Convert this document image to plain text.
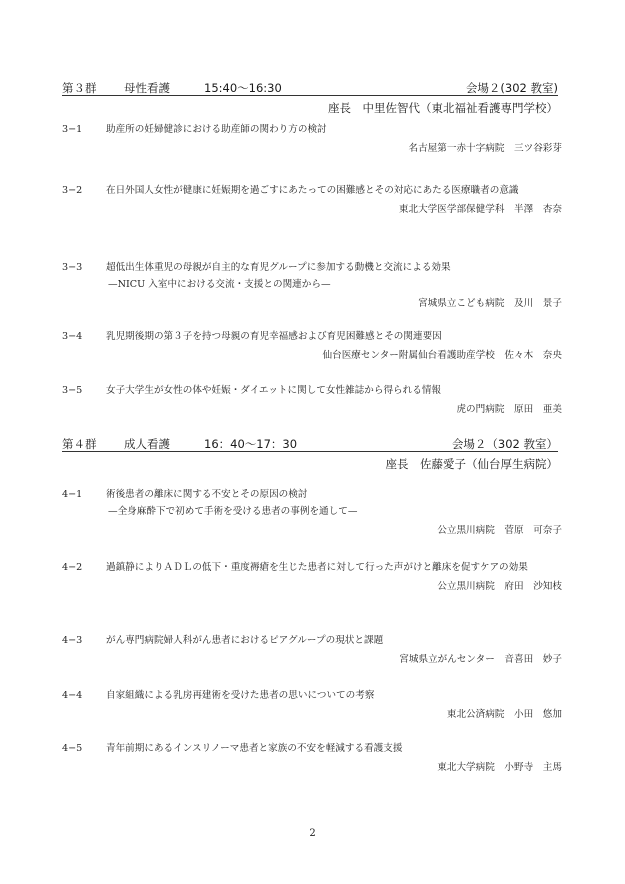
第３群 母性看護	15:40〜16:30	会場２(302 教室)
座長　中里佐智代（東北福祉看護専門学校）
3−1	助産所の妊婦健診における助産師の関わり方の検討
名古屋第一赤十字病院　三ツ谷彩芽
3−2	在日外国人女性が健康に妊娠期を過ごすにあたっての困難感とその対応にあたる医療職者の意識
東北大学医学部保健学科　半澤　杏奈
3−3	超低出生体重児の母親が自主的な育児グループに参加する動機と交流による効果
—NICU 入室中における交流・支援との関連から—
宮城県立こども病院　及川　景子
3−4	乳児期後期の第３子を持つ母親の育児幸福感および育児困難感とその関連要因
仙台医療センター附属仙台看護助産学校　佐々木　奈央
3−5	女子大学生が女性の体や妊娠・ダイエットに関して女性雑誌から得られる情報
虎の門病院　原田　亜美
第４群 成人看護	16：40〜17：30	会場２（302 教室）
座長　佐藤愛子（仙台厚生病院）
4−1	術後患者の離床に関する不安とその原因の検討
—全身麻酔下で初めて手術を受ける患者の事例を通して—
公立黒川病院　菅原　可奈子
4−2	過鎮静によりＡＤＬの低下・重度褥瘡を生じた患者に対して行った声がけと離床を促すケアの効果
公立黒川病院　府田　沙知枝
4−3	がん専門病院婦人科がん患者におけるピアグループの現状と課題
宮城県立がんセンター　音喜田　妙子
4−4	自家組織による乳房再建術を受けた患者の思いについての考察
東北公済病院　小田　悠加
4−5	青年前期にあるインスリノーマ患者と家族の不安を軽減する看護支援
東北大学病院　小野寺　主馬
2
